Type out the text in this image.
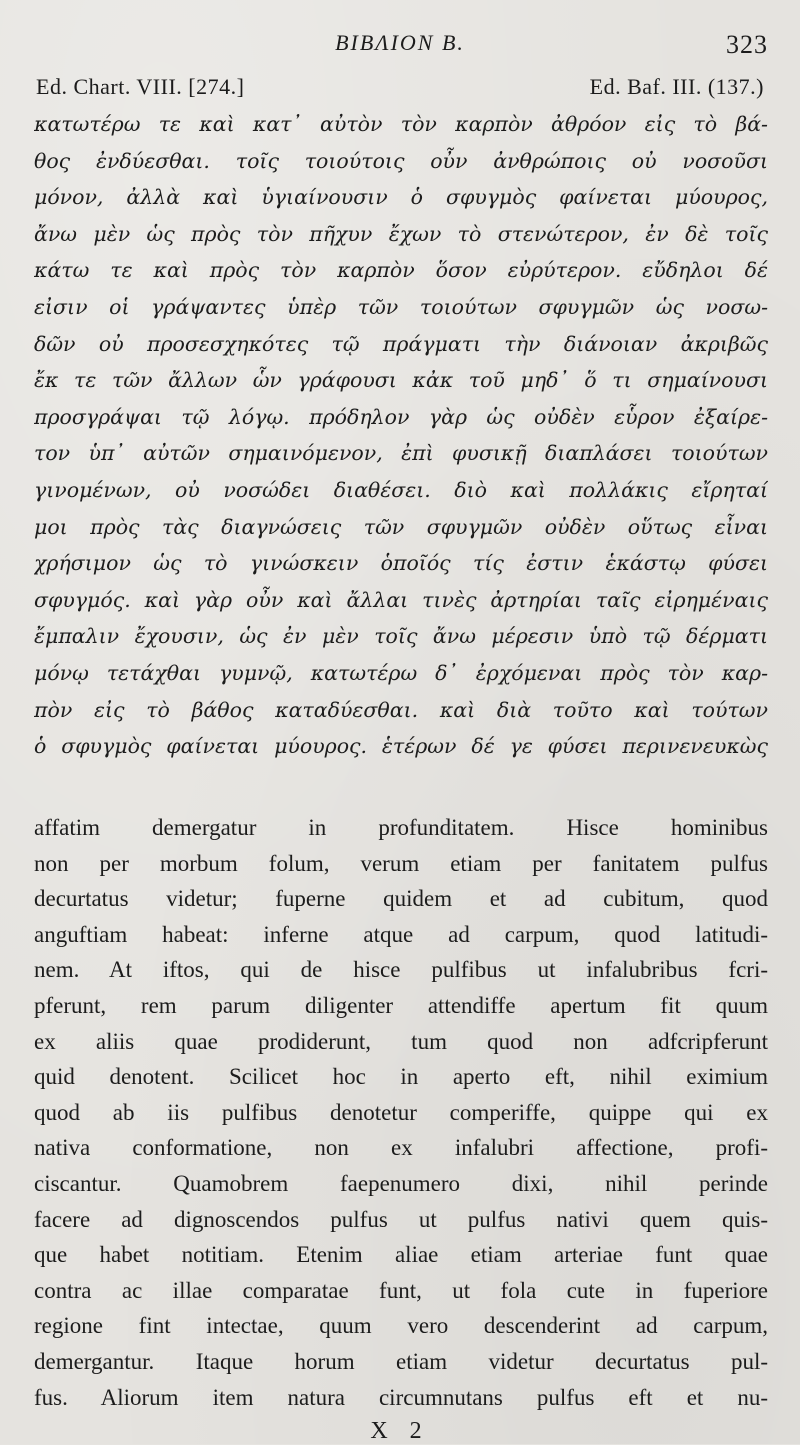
ΒΙΒΛΙΟΝ Β.	323
Ed. Chart. VIII. [274.]	Ed. Baf. III. (137.)
κατωτέρω τε καὶ κατ᾽ αὐτὸν τὸν καρπὸν ἀθρόον εἰς τὸ βά-
θος ἐνδύεσθαι. τοῖς τοιούτοις οὖν ἀνθρώποις οὐ νοσοῦσι
μόνον, ἀλλὰ καὶ ὑγιαίνουσιν ὁ σφυγμὸς φαίνεται μύουρος,
ἄνω μὲν ὡς πρὸς τὸν πῆχυν ἔχων τὸ στενώτερον, ἐν δὲ τοῖς
κάτω τε καὶ πρὸς τὸν καρπὸν ὅσον εὐρύτερον. εὔδηλοι δέ
εἰσιν οἱ γράψαντες ὑπὲρ τῶν τοιούτων σφυγμῶν ὡς νοσω-
δῶν οὐ προσεσχηκότες τῷ πράγματι τὴν διάνοιαν ἀκριβῶς
ἔκ τε τῶν ἄλλων ὧν γράφουσι κἀκ τοῦ μηδ᾽ ὅ τι σημαίνουσι
προσγράψαι τῷ λόγῳ. πρόδηλον γὰρ ὡς οὐδὲν εὗρον ἐξαίρε-
τον ὑπ᾽ αὐτῶν σημαινόμενον, ἐπὶ φυσικῇ διαπλάσει τοιούτων
γινομένων, οὐ νοσώδει διαθέσει. διὸ καὶ πολλάκις εἴρηταί
μοι πρὸς τὰς διαγνώσεις τῶν σφυγμῶν οὐδὲν οὕτως εἶναι
χρήσιμον ὡς τὸ γινώσκειν ὁποῖός τίς ἐστιν ἑκάστῳ φύσει
σφυγμός. καὶ γὰρ οὖν καὶ ἄλλαι τινὲς ἀρτηρίαι ταῖς εἰρημέναις
ἔμπαλιν ἔχουσιν, ὡς ἐν μὲν τοῖς ἄνω μέρεσιν ὑπὸ τῷ δέρματι
μόνῳ τετάχθαι γυμνῷ, κατωτέρω δ᾽ ἐρχόμεναι πρὸς τὸν καρ-
πὸν εἰς τὸ βάθος καταδύεσθαι. καὶ διὰ τοῦτο καὶ τούτων
ὁ σφυγμὸς φαίνεται μύουρος. ἑτέρων δέ γε φύσει περινενευκὼς
affatim demergatur in profunditatem. Hisce hominibus
non per morbum folum, verum etiam per fanitatem pulfus
decurtatus videtur; fuperne quidem et ad cubitum, quod
anguftiam habeat: inferne atque ad carpum, quod latitudi-
nem. At iftos, qui de hisce pulfibus ut infalubribus fcri-
pferunt, rem parum diligenter attendiffe apertum fit quum
ex aliis quae prodiderunt, tum quod non adfcripferunt
quid denotent. Scilicet hoc in aperto eft, nihil eximium
quod ab iis pulfibus denotetur comperiffe, quippe qui ex
nativa conformatione, non ex infalubri affectione, profi-
ciscantur. Quamobrem faepenumero dixi, nihil perinde
facere ad dignoscendos pulfus ut pulfus nativi quem quis-
que habet notitiam. Etenim aliae etiam arteriae funt quae
contra ac illae comparatae funt, ut fola cute in fuperiore
regione fint intectae, quum vero descenderint ad carpum,
demergantur. Itaque horum etiam videtur decurtatus pul-
fus. Aliorum item natura circumnutans pulfus eft et nu-
X 2
